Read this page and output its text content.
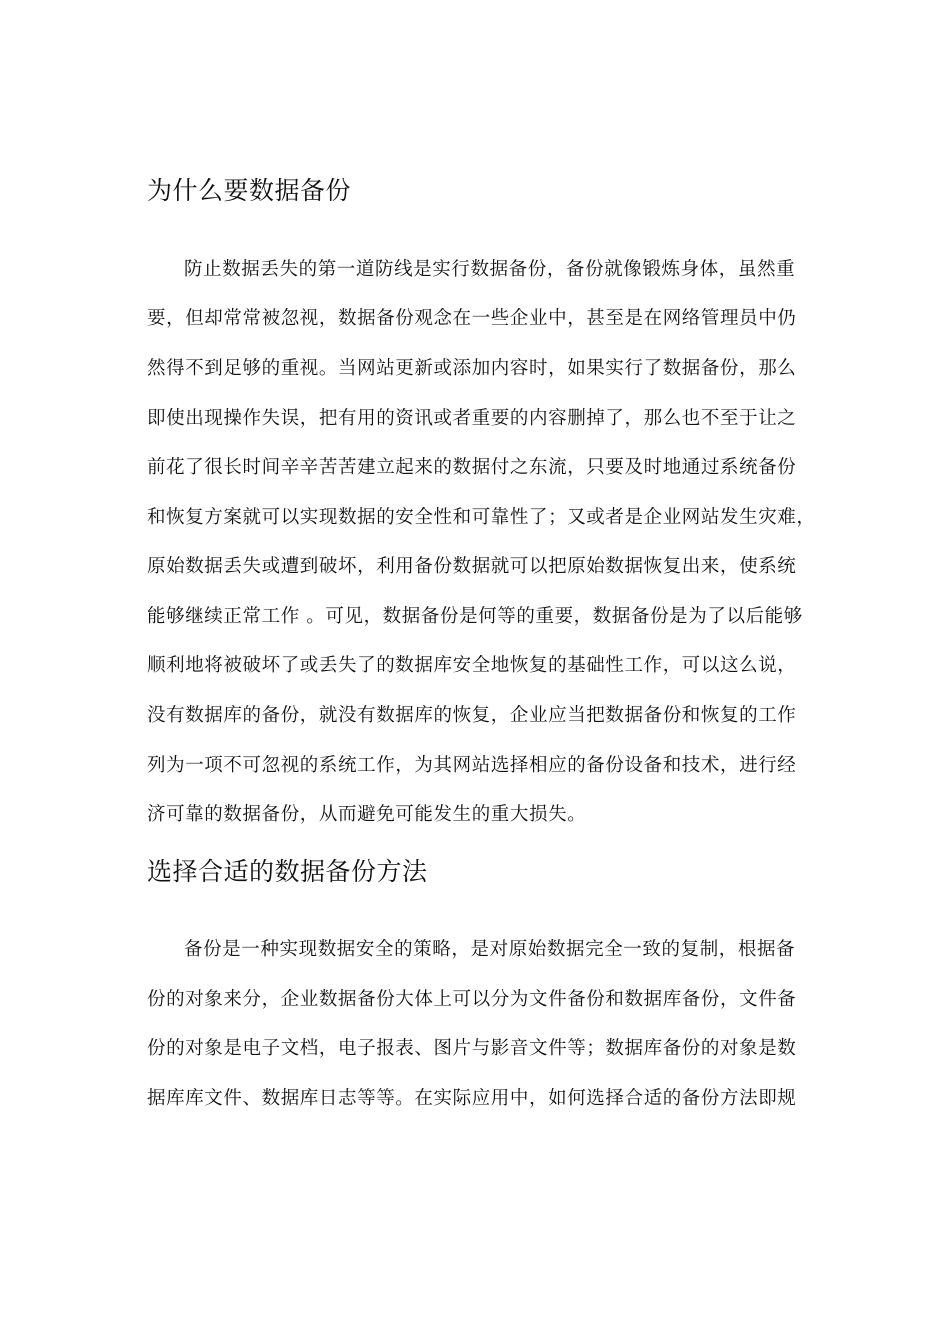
为什么要数据备份

防止数据丢失的第一道防线是实行数据备份，备份就像锻炼身体，虽然重

要，但却常常被忽视，数据备份观念在一些企业中，甚至是在网络管理员中仍

然得不到足够的重视。当网站更新或添加内容时，如果实行了数据备份，那么

即使出现操作失误，把有用的资讯或者重要的内容删掉了，那么也不至于让之

前花了很长时间辛辛苦苦建立起来的数据付之东流，只要及时地通过系统备份

和恢复方案就可以实现数据的安全性和可靠性了；又或者是企业网站发生灾难，

原始数据丢失或遭到破坏，利用备份数据就可以把原始数据恢复出来，使系统

能够继续正常工作 。可见，数据备份是何等的重要，数据备份是为了以后能够

顺利地将被破坏了或丢失了的数据库安全地恢复的基础性工作，可以这么说，

没有数据库的备份，就没有数据库的恢复，企业应当把数据备份和恢复的工作

列为一项不可忽视的系统工作，为其网站选择相应的备份设备和技术，进行经

济可靠的数据备份，从而避免可能发生的重大损失。

选择合适的数据备份方法

备份是一种实现数据安全的策略，是对原始数据完全一致的复制，根据备

份的对象来分，企业数据备份大体上可以分为文件备份和数据库备份，文件备

份的对象是电子文档，电子报表、图片与影音文件等；数据库备份的对象是数

据库库文件、数据库日志等等。在实际应用中，如何选择合适的备份方法即规
